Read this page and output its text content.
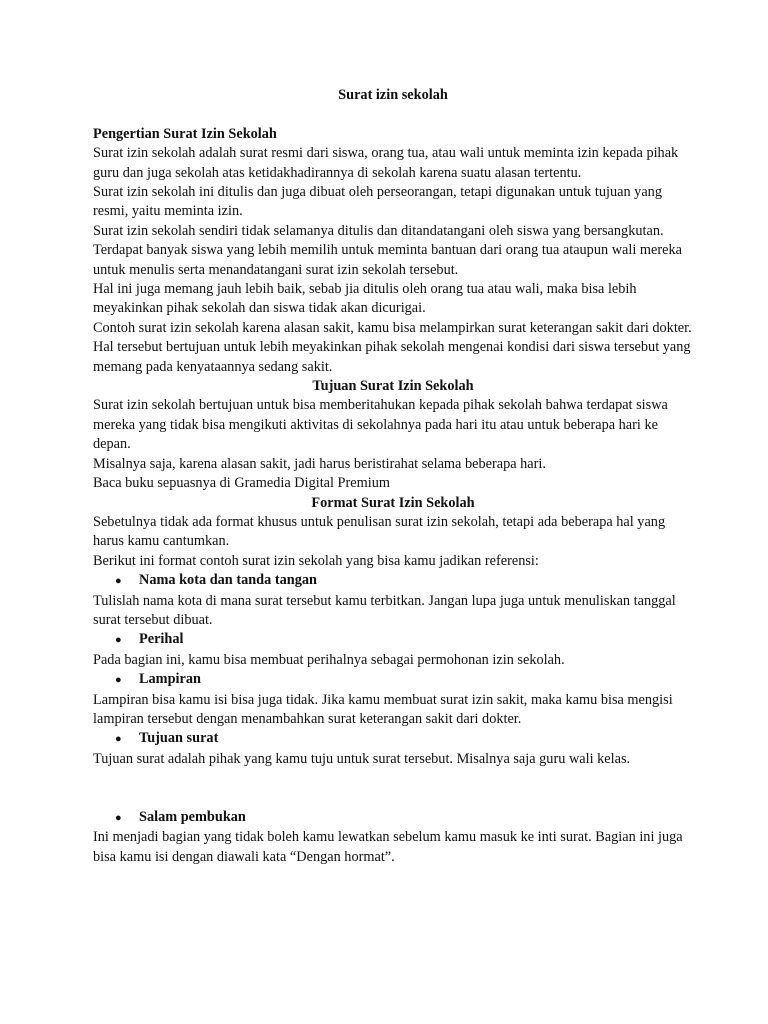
Surat izin sekolah

Pengertian Surat Izin Sekolah

Surat izin sekolah adalah surat resmi dari siswa, orang tua, atau wali untuk meminta izin kepada pihak guru dan juga sekolah atas ketidakhadirannya di sekolah karena suatu alasan tertentu.

Surat izin sekolah ini ditulis dan juga dibuat oleh perseorangan, tetapi digunakan untuk tujuan yang resmi, yaitu meminta izin.

Surat izin sekolah sendiri tidak selamanya ditulis dan ditandatangani oleh siswa yang bersangkutan.

Terdapat banyak siswa yang lebih memilih untuk meminta bantuan dari orang tua ataupun wali mereka untuk menulis serta menandatangani surat izin sekolah tersebut.

Hal ini juga memang jauh lebih baik, sebab jia ditulis oleh orang tua atau wali, maka bisa lebih meyakinkan pihak sekolah dan siswa tidak akan dicurigai.

Contoh surat izin sekolah karena alasan sakit, kamu bisa melampirkan surat keterangan sakit dari dokter.

Hal tersebut bertujuan untuk lebih meyakinkan pihak sekolah mengenai kondisi dari siswa tersebut yang memang pada kenyataannya sedang sakit.

Tujuan Surat Izin Sekolah

Surat izin sekolah bertujuan untuk bisa memberitahukan kepada pihak sekolah bahwa terdapat siswa mereka yang tidak bisa mengikuti aktivitas di sekolahnya pada hari itu atau untuk beberapa hari ke depan.

Misalnya saja, karena alasan sakit, jadi harus beristirahat selama beberapa hari.

Baca buku sepuasnya di Gramedia Digital Premium

Format Surat Izin Sekolah

Sebetulnya tidak ada format khusus untuk penulisan surat izin sekolah, tetapi ada beberapa hal yang harus kamu cantumkan.

Berikut ini format contoh surat izin sekolah yang bisa kamu jadikan referensi:

●	Nama kota dan tanda tangan

Tulislah nama kota di mana surat tersebut kamu terbitkan. Jangan lupa juga untuk menuliskan tanggal surat tersebut dibuat.

●	Perihal

Pada bagian ini, kamu bisa membuat perihalnya sebagai permohonan izin sekolah.

●	Lampiran

Lampiran bisa kamu isi bisa juga tidak. Jika kamu membuat surat izin sakit, maka kamu bisa mengisi lampiran tersebut dengan menambahkan surat keterangan sakit dari dokter.

●	Tujuan surat

Tujuan surat adalah pihak yang kamu tuju untuk surat tersebut. Misalnya saja guru wali kelas.

●	Salam pembukan

Ini menjadi bagian yang tidak boleh kamu lewatkan sebelum kamu masuk ke inti surat. Bagian ini juga bisa kamu isi dengan diawali kata “Dengan hormat”.
